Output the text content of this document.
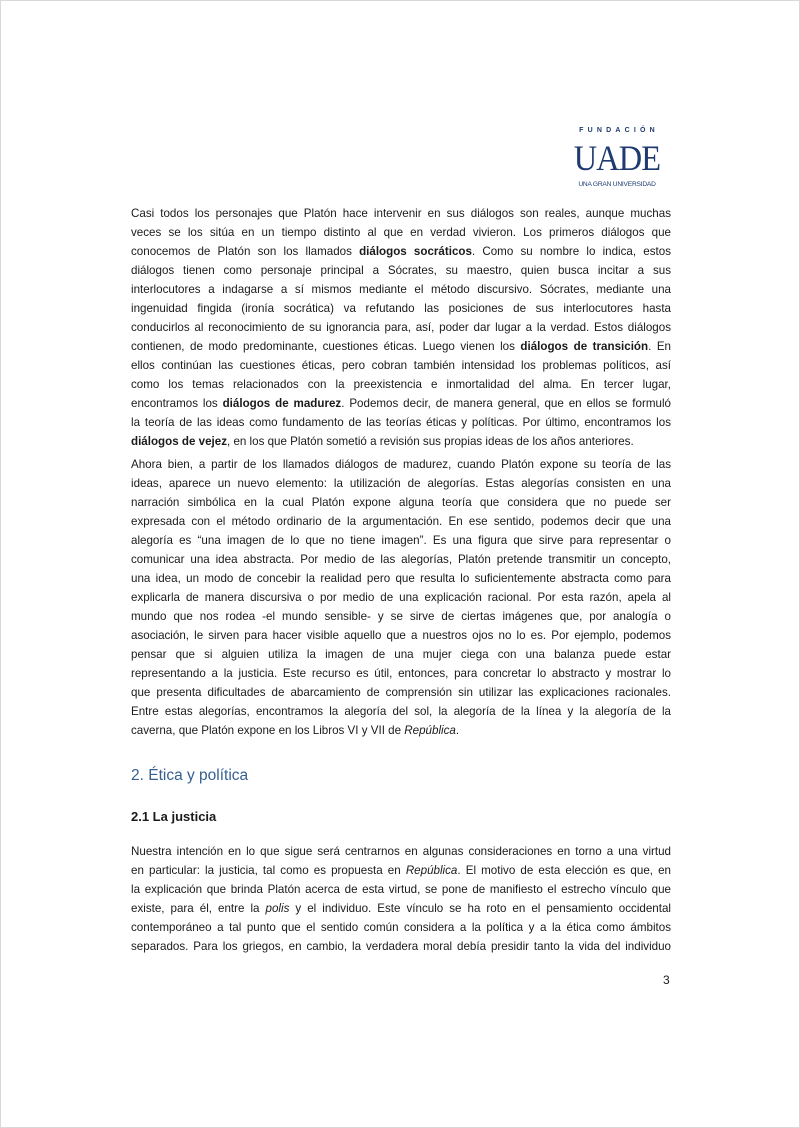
FUNDACIÓN
UADE
UNA GRAN UNIVERSIDAD
Casi todos los personajes que Platón hace intervenir en sus diálogos son reales, aunque muchas
veces se los sitúa en un tiempo distinto al que en verdad vivieron. Los primeros diálogos que
conocemos de Platón son los llamados diálogos socráticos. Como su nombre lo indica, estos
diálogos tienen como personaje principal a Sócrates, su maestro, quien busca incitar a sus
interlocutores a indagarse a sí mismos mediante el método discursivo. Sócrates, mediante una
ingenuidad fingida (ironía socrática) va refutando las posiciones de sus interlocutores hasta
conducirlos al reconocimiento de su ignorancia para, así, poder dar lugar a la verdad. Estos diálogos
contienen, de modo predominante, cuestiones éticas. Luego vienen los diálogos de transición. En
ellos continúan las cuestiones éticas, pero cobran también intensidad los problemas políticos, así
como los temas relacionados con la preexistencia e inmortalidad del alma. En tercer lugar,
encontramos los diálogos de madurez. Podemos decir, de manera general, que en ellos se formuló
la teoría de las ideas como fundamento de las teorías éticas y políticas. Por último, encontramos los
diálogos de vejez, en los que Platón sometió a revisión sus propias ideas de los años anteriores.
Ahora bien, a partir de los llamados diálogos de madurez, cuando Platón expone su teoría de las
ideas, aparece un nuevo elemento: la utilización de alegorías. Estas alegorías consisten en una
narración simbólica en la cual Platón expone alguna teoría que considera que no puede ser
expresada con el método ordinario de la argumentación. En ese sentido, podemos decir que una
alegoría es “una imagen de lo que no tiene imagen”. Es una figura que sirve para representar o
comunicar una idea abstracta. Por medio de las alegorías, Platón pretende transmitir un concepto,
una idea, un modo de concebir la realidad pero que resulta lo suficientemente abstracta como para
explicarla de manera discursiva o por medio de una explicación racional. Por esta razón, apela al
mundo que nos rodea -el mundo sensible- y se sirve de ciertas imágenes que, por analogía o
asociación, le sirven para hacer visible aquello que a nuestros ojos no lo es. Por ejemplo, podemos
pensar que si alguien utiliza la imagen de una mujer ciega con una balanza puede estar
representando a la justicia. Este recurso es útil, entonces, para concretar lo abstracto y mostrar lo
que presenta dificultades de abarcamiento de comprensión sin utilizar las explicaciones racionales.
Entre estas alegorías, encontramos la alegoría del sol, la alegoría de la línea y la alegoría de la
caverna, que Platón expone en los Libros VI y VII de República.
2. Ética y política
2.1 La justicia
Nuestra intención en lo que sigue será centrarnos en algunas consideraciones en torno a una virtud
en particular: la justicia, tal como es propuesta en República. El motivo de esta elección es que, en
la explicación que brinda Platón acerca de esta virtud, se pone de manifiesto el estrecho vínculo que
existe, para él, entre la polis y el individuo. Este vínculo se ha roto en el pensamiento occidental
contemporáneo a tal punto que el sentido común considera a la política y a la ética como ámbitos
separados. Para los griegos, en cambio, la verdadera moral debía presidir tanto la vida del individuo
3
